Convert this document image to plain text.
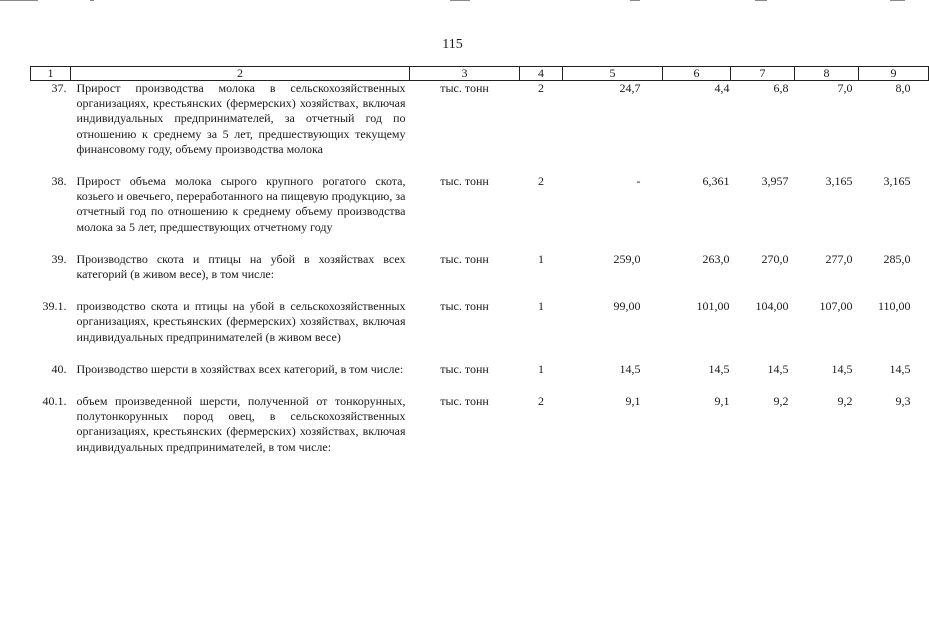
115
1	2	3	4	5	6	7	8	9
37.	Прирост производства молока в сельскохозяйственных организациях, крестьянских (фермерских) хозяйствах, включая индивидуальных предпринимателей, за отчетный год по отношению к среднему за 5 лет, предшествующих текущему финансовому году, объему производства молока	тыс. тонн	2	24,7	4,4	6,8	7,0	8,0

38.	Прирост объема молока сырого крупного рогатого скота, козьего и овечьего, переработанного на пищевую продукцию, за отчетный год по отношению к среднему объему производства молока за 5 лет, предшествующих отчетному году	тыс. тонн	2	-	6,361	3,957	3,165	3,165

39.	Производство скота и птицы на убой в хозяйствах всех категорий (в живом весе), в том числе:	тыс. тонн	1	259,0	263,0	270,0	277,0	285,0

39.1.	производство скота и птицы на убой в сельскохозяйственных организациях, крестьянских (фермерских) хозяйствах, включая индивидуальных предпринимателей (в живом весе)	тыс. тонн	1	99,00	101,00	104,00	107,00	110,00

40.	Производство шерсти в хозяйствах всех категорий, в том числе:	тыс. тонн	1	14,5	14,5	14,5	14,5	14,5

40.1.	объем произведенной шерсти, полученной от тонкорунных, полутонкорунных пород овец, в сельскохозяйственных организациях, крестьянских (фермерских) хозяйствах, включая индивидуальных предпринимателей, в том числе:	тыс. тонн	2	9,1	9,1	9,2	9,2	9,3
